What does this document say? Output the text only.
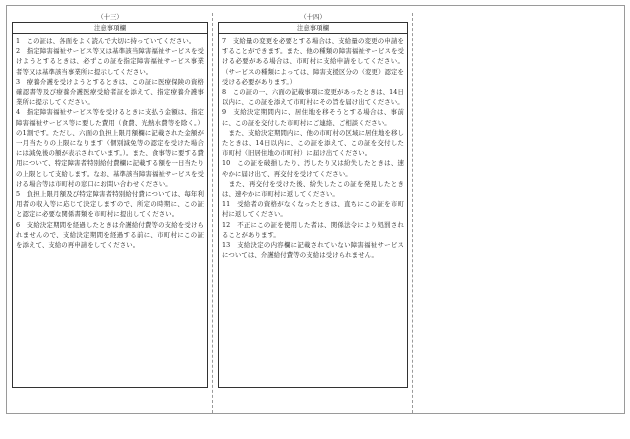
（十三）
注意事項欄

1　この証は、各面をよく読んで大切に持っていてください。

2　指定障害福祉サービス等又は基準該当障害福祉サービスを受けようとするときは、必ずこの証を指定障害福祉サービス事業者等又は基準該当事業所に提示してください。

3　療養介護を受けようとするときは、この証に医療保険の資格確認書等及び療養介護医療受給者証を添えて、指定療養介護事業所に提示してください。

4　指定障害福祉サービス等を受けるときに支払う金額は、指定障害福祉サービス等に要した費用（食費、光熱水費等を除く。）の1割です。ただし、六面の負担上限月額欄に記載された金額が一月当たりの上限になります（個別減免等の認定を受けた場合には減免後の額が表示されています。）。また、食事等に要する費用について、特定障害者特別給付費欄に記載する額を一日当たりの上限として支給します。なお、基準該当障害福祉サービスを受ける場合等は市町村の窓口にお問い合わせください。

5　負担上限月額及び特定障害者特別給付費については、毎年利用者の収入等に応じて決定しますので、所定の時期に、この証と認定に必要な関係書類を市町村に提出してください。

6　支給決定期間を経過したときは介護給付費等の支給を受けられませんので、支給決定期間を経過する前に、市町村にこの証を添えて、支給の再申請をしてください。

（十四）
注意事項欄

7　支給量の変更を必要とする場合は、支給量の変更の申請をすることができます。また、他の種類の障害福祉サービスを受ける必要がある場合は、市町村に支給申請をしてください。（サービスの種類によっては、障害支援区分の（変更）認定を受ける必要があります。）

8　この証の一、六面の記載事項に変更があったときは、14日以内に、この証を添えて市町村にその旨を届け出てください。

9　支給決定期間内に、居住地を移そうとする場合は、事前に、この証を交付した市町村にご連絡、ご相談ください。

　また、支給決定期間内に、他の市町村の区域に居住地を移したときは、14日以内に、この証を添えて、この証を交付した市町村（旧居住地の市町村）に届け出てください。

10　この証を破損したり、汚したり又は紛失したときは、速やかに届け出て、再交付を受けてください。

　また、再交付を受けた後、紛失したこの証を発見したときは、速やかに市町村に返してください。

11　受給者の資格がなくなったときは、直ちにこの証を市町村に返してください。

12　不正にこの証を使用した者は、関係法令により処罰されることがあります。

13　支給決定の内容欄に記載されていない障害福祉サービスについては、介護給付費等の支給は受けられません。
